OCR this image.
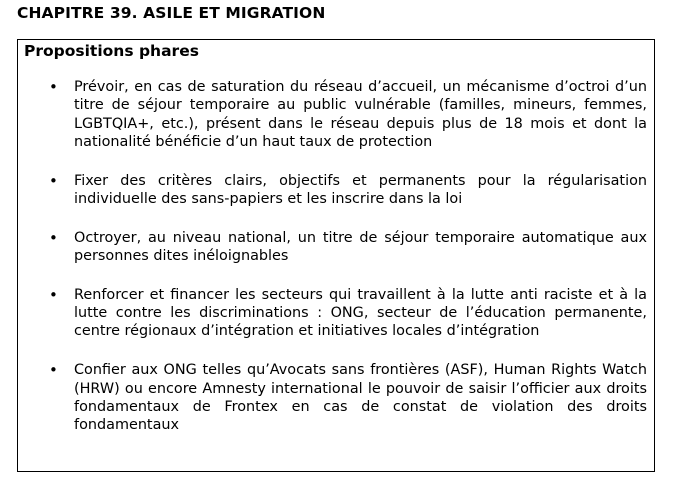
CHAPITRE 39. ASILE ET MIGRATION
Propositions phares
• Prévoir, en cas de saturation du réseau d’accueil, un mécanisme d’octroi d’un titre de séjour temporaire au public vulnérable (familles, mineurs, femmes, LGBTQIA+, etc.), présent dans le réseau depuis plus de 18 mois et dont la nationalité bénéficie d’un haut taux de protection
• Fixer des critères clairs, objectifs et permanents pour la régularisation individuelle des sans-papiers et les inscrire dans la loi
• Octroyer, au niveau national, un titre de séjour temporaire automatique aux personnes dites inéloignables
• Renforcer et financer les secteurs qui travaillent à la lutte anti raciste et à la lutte contre les discriminations : ONG, secteur de l’éducation permanente, centre régionaux d’intégration et initiatives locales d’intégration
• Confier aux ONG telles qu’Avocats sans frontières (ASF), Human Rights Watch (HRW) ou encore Amnesty international le pouvoir de saisir l’officier aux droits fondamentaux de Frontex en cas de constat de violation des droits fondamentaux
